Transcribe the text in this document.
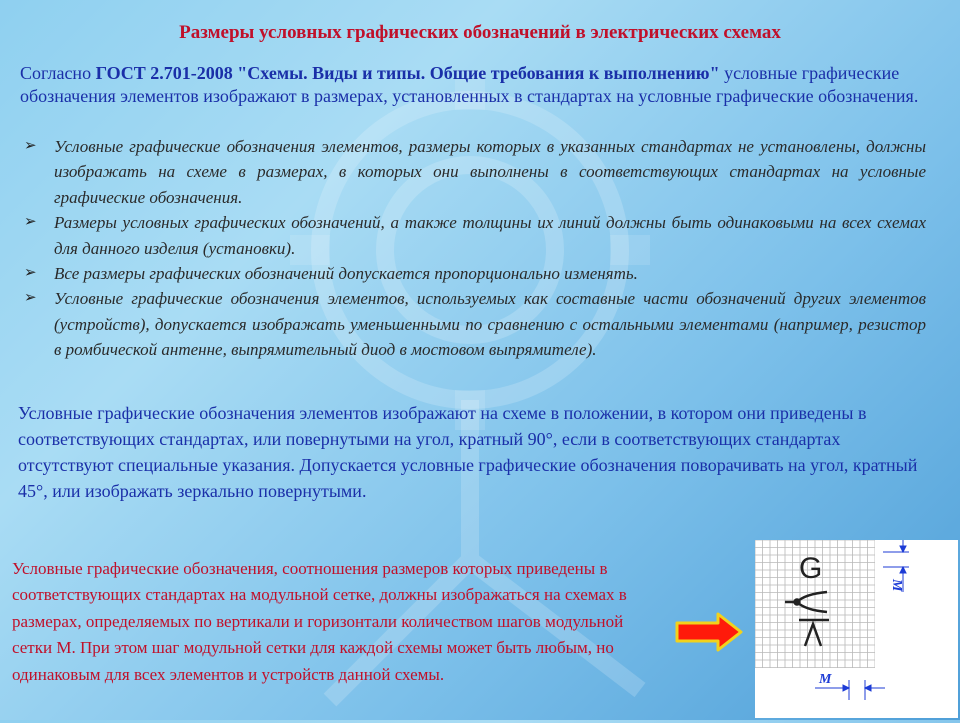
Размеры условных графических обозначений в электрических схемах
Согласно ГОСТ 2.701-2008 "Схемы. Виды и типы. Общие требования к выполнению" условные графические обозначения элементов изображают в размерах, установленных в стандартах на условные графические обозначения.
➢ Условные графические обозначения элементов, размеры которых в указанных стандартах не установлены, должны изображать на схеме в размерах, в которых они выполнены в соответствующих стандартах на условные графические обозначения.
➢ Размеры условных графических обозначений, а также толщины их линий должны быть одинаковыми на всех схемах для данного изделия (установки).
➢ Все размеры графических обозначений допускается пропорционально изменять.
➢ Условные графические обозначения элементов, используемых как составные части обозначений других элементов (устройств), допускается изображать уменьшенными по сравнению с остальными элементами (например, резистор в ромбической антенне, выпрямительный диод в мостовом выпрямителе).
Условные графические обозначения элементов изображают на схеме в положении, в котором они приведены в соответствующих стандартах, или повернутыми на угол, кратный 90°, если в соответствующих стандартах отсутствуют специальные указания. Допускается условные графические обозначения поворачивать на угол, кратный 45°, или изображать зеркально повернутыми.
Условные графические обозначения, соотношения размеров которых приведены в соответствующих стандартах на модульной сетке, должны изображаться на схемах в размерах, определяемых по вертикали и горизонтали количеством шагов модульной сетки М. При этом шаг модульной сетки для каждой схемы может быть любым, но одинаковым для всех элементов и устройств данной схемы.
G
M
M
